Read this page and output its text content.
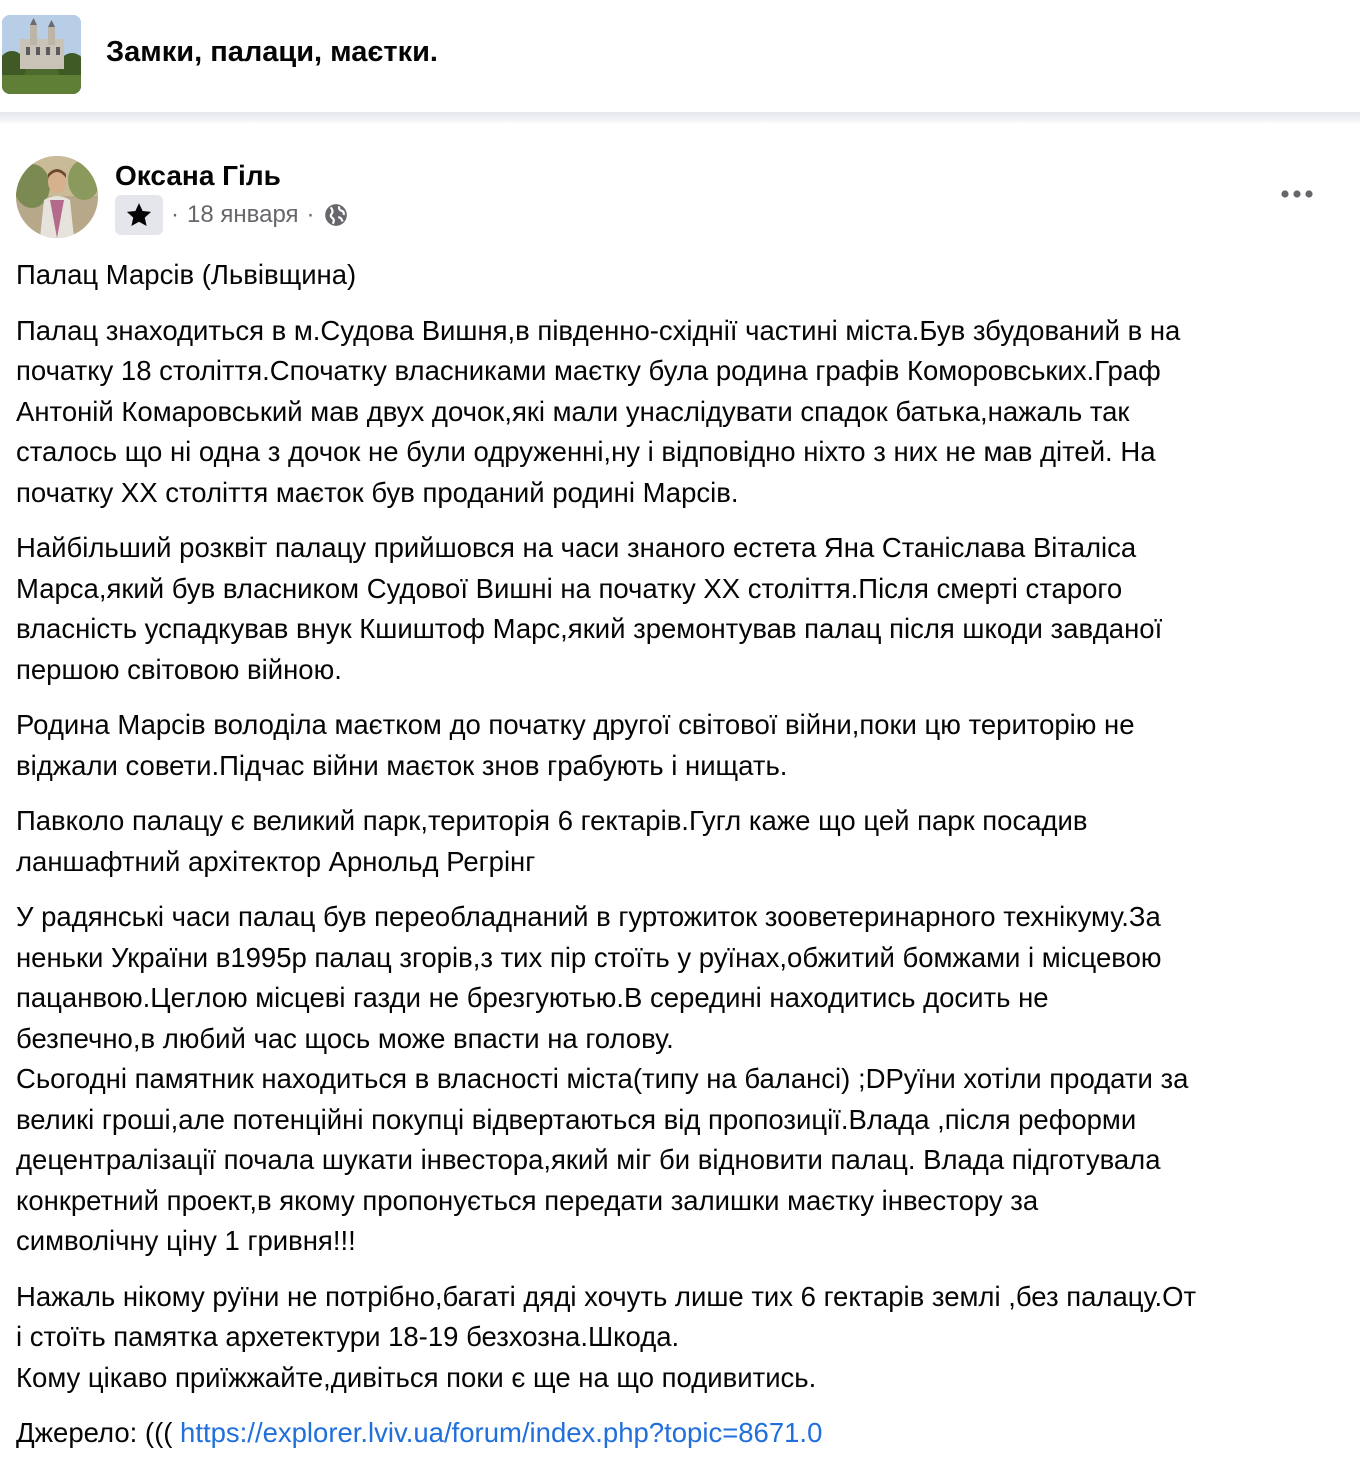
Замки, палаци, маєтки.
Оксана Гіль
· 18 января ·

Палац Марсів (Львівщина)

Палац знаходиться в м.Судова Вишня,в південно-східнії частині міста.Був збудований в на
початку 18 століття.Спочатку власниками маєтку була родина графів Коморовських.Граф
Антоній Комаровський мав двух дочок,які мали унаслідувати спадок батька,нажаль так
сталось що ні одна з дочок не були одруженні,ну і відповідно ніхто з них не мав дітей. На
початку ХХ століття маєток був проданий родині Марсів.

Найбільший розквіт палацу прийшовся на часи знаного естета Яна Станіслава Віталіса
Марса,який був власником Судової Вишні на початку ХХ століття.Після смерті старого
власність успадкував внук Кшиштоф Марс,який зремонтував палац після шкоди завданої
першою світовою війною.

Родина Марсів володіла маєтком до початку другої світової війни,поки цю територію не
віджали совети.Підчас війни маєток знов грабують і нищать.

Павколо палацу є великий парк,територія 6 гектарів.Гугл каже що цей парк посадив
ланшафтний архітектор Арнольд Регрінг

У радянські часи палац був переобладнаний в гуртожиток зооветеринарного технікуму.За
неньки України в1995р палац згорів,з тих пір стоїть у руїнах,обжитий бомжами і місцевою
пацанвою.Цеглою місцеві газди не брезгуютью.В середині находитись досить не
безпечно,в любий час щось може впасти на голову.
Сьогодні памятник находиться в власності міста(типу на балансі) ;DРуїни хотіли продати за
великі гроші,але потенційні покупці відвертаються від пропозиції.Влада ,після реформи
децентралізації почала шукати інвестора,який міг би відновити палац. Влада підготувала
конкретний проект,в якому пропонується передати залишки маєтку інвестору за
символічну ціну 1 гривня!!!

Нажаль нікому руїни не потрібно,багаті дяді хочуть лише тих 6 гектарів землі ,без палацу.От
і стоїть памятка архетектури 18-19 безхозна.Шкода.
Кому цікаво приїжжайте,дивіться поки є ще на що подивитись.

Джерело: ((( https://explorer.lviv.ua/forum/index.php?topic=8671.0
